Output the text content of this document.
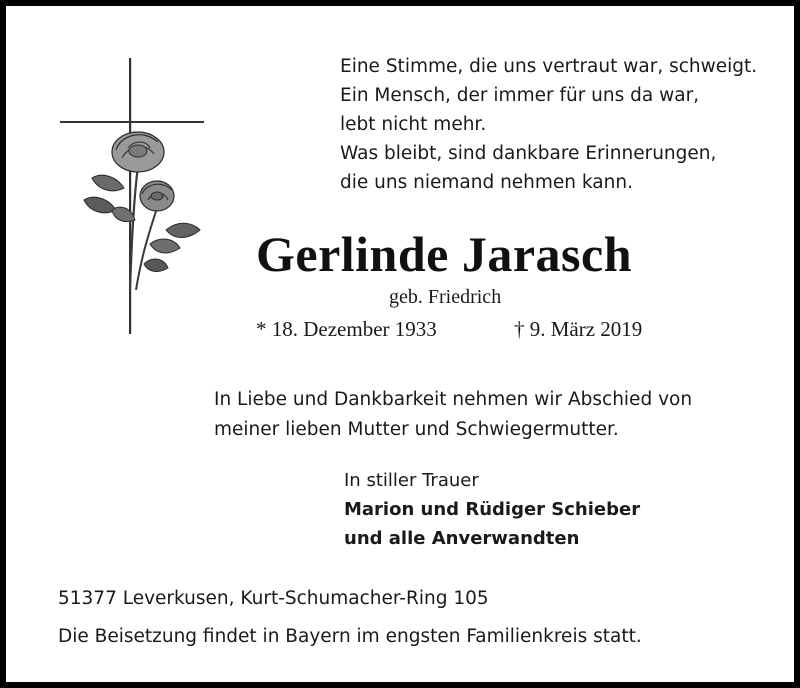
Eine Stimme, die uns vertraut war, schweigt.
Ein Mensch, der immer für uns da war,
lebt nicht mehr.
Was bleibt, sind dankbare Erinnerungen,
die uns niemand nehmen kann.
Gerlinde Jarasch
geb. Friedrich
* 18. Dezember 1933	† 9. März 2019
In Liebe und Dankbarkeit nehmen wir Abschied von
meiner lieben Mutter und Schwiegermutter.
In stiller Trauer
Marion und Rüdiger Schieber
und alle Anverwandten
51377 Leverkusen, Kurt-Schumacher-Ring 105
Die Beisetzung findet in Bayern im engsten Familienkreis statt.
